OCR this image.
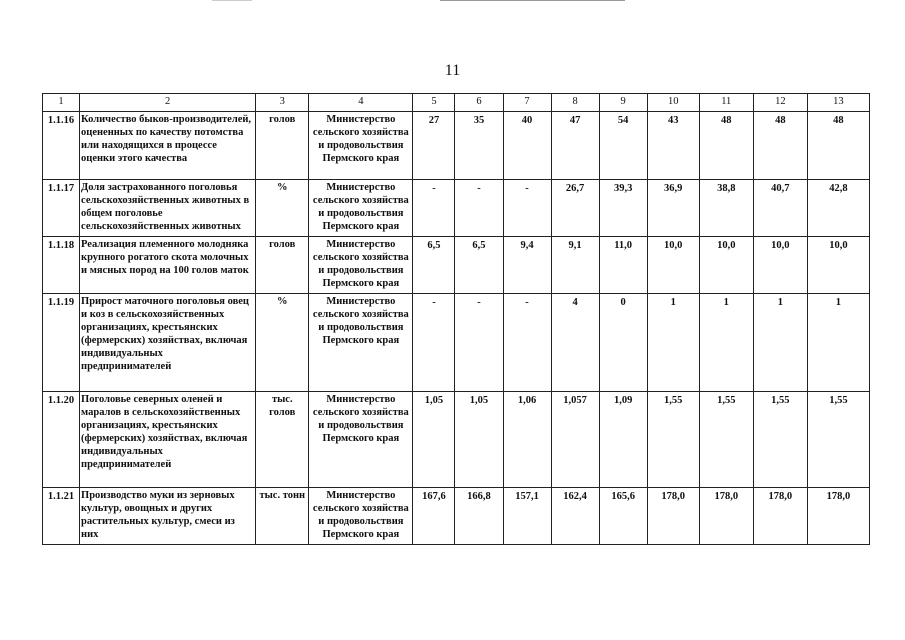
11
1	2	3	4	5	6	7	8	9	10	11	12	13
1.1.16	Количество быков-производителей, оцененных по качеству потомства или находящихся в процессе оценки этого качества	голов	Министерство сельского хозяйства и продовольствия Пермского края	27	35	40	47	54	43	48	48	48
1.1.17	Доля застрахованного поголовья сельскохозяйственных животных в общем поголовье сельскохозяйственных животных	%	Министерство сельского хозяйства и продовольствия Пермского края	-	-	-	26,7	39,3	36,9	38,8	40,7	42,8
1.1.18	Реализация племенного молодняка крупного рогатого скота молочных и мясных пород на 100 голов маток	голов	Министерство сельского хозяйства и продовольствия Пермского края	6,5	6,5	9,4	9,1	11,0	10,0	10,0	10,0	10,0
1.1.19	Прирост маточного поголовья овец и коз в сельскохозяйственных организациях, крестьянских (фермерских) хозяйствах, включая индивидуальных предпринимателей	%	Министерство сельского хозяйства и продовольствия Пермского края	-	-	-	4	0	1	1	1	1
1.1.20	Поголовье северных оленей и маралов в сельскохозяйственных организациях, крестьянских (фермерских) хозяйствах, включая индивидуальных предпринимателей	тыс. голов	Министерство сельского хозяйства и продовольствия Пермского края	1,05	1,05	1,06	1,057	1,09	1,55	1,55	1,55	1,55
1.1.21	Производство муки из зерновых культур, овощных и других растительных культур, смеси из них	тыс. тонн	Министерство сельского хозяйства и продовольствия Пермского края	167,6	166,8	157,1	162,4	165,6	178,0	178,0	178,0	178,0
